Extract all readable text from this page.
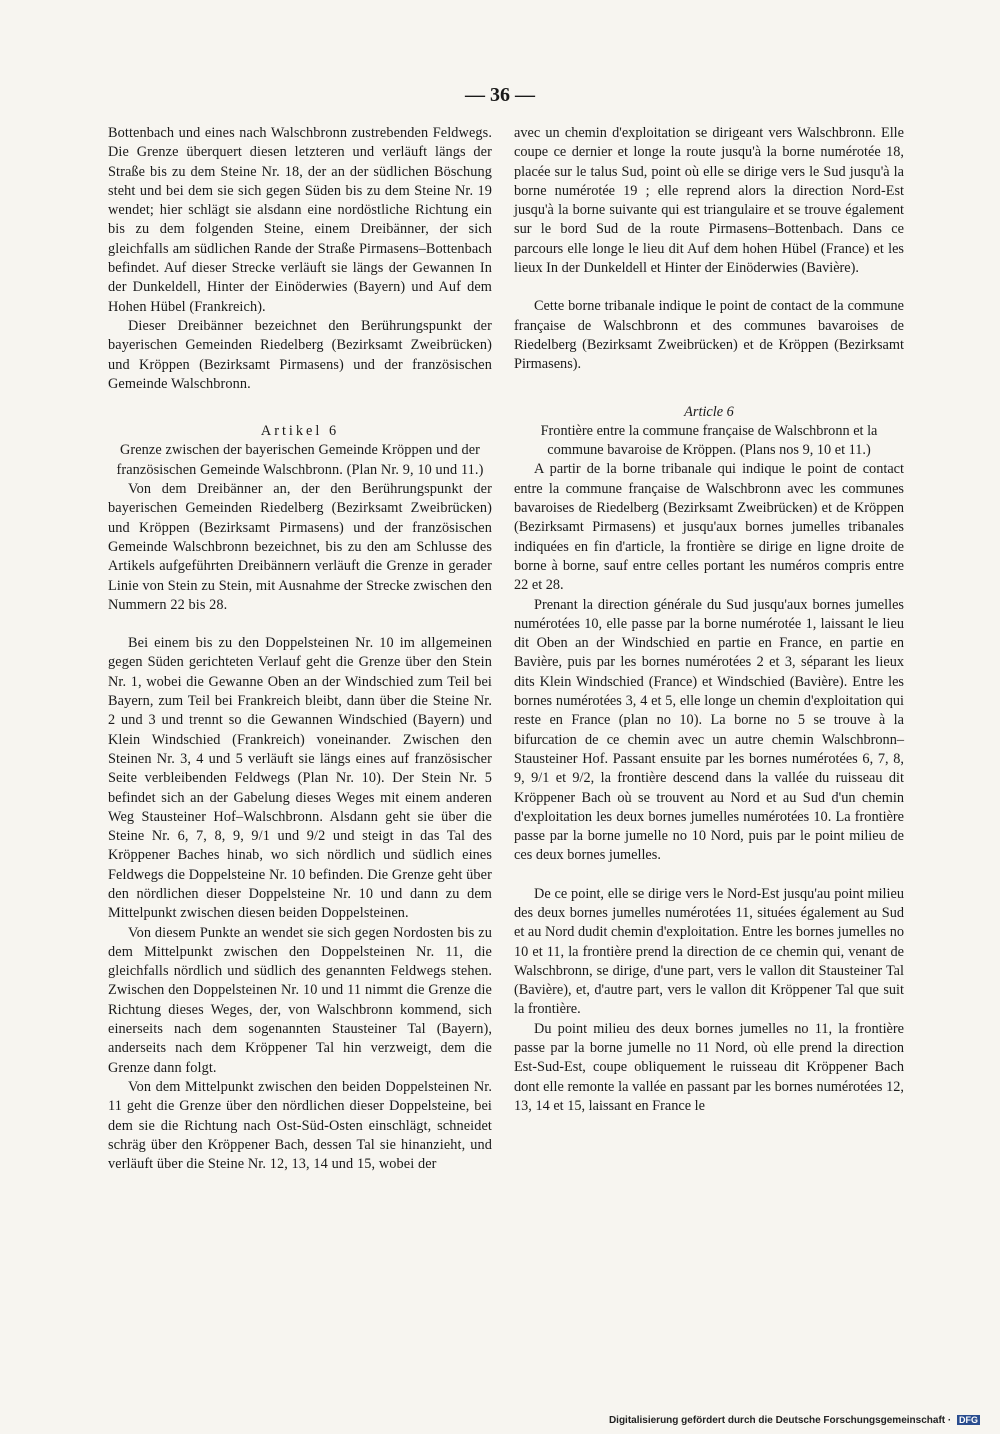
— 36 —

Bottenbach und eines nach Walschbronn zustrebenden Feldwegs. Die Grenze überquert diesen letzteren und verläuft längs der Straße bis zu dem Steine Nr. 18, der an der südlichen Böschung steht und bei dem sie sich gegen Süden bis zu dem Steine Nr. 19 wendet; hier schlägt sie alsdann eine nordöstliche Richtung ein bis zu dem folgenden Steine, einem Dreibänner, der sich gleichfalls am südlichen Rande der Straße Pirmasens–Bottenbach befindet. Auf dieser Strecke verläuft sie längs der Gewannen In der Dunkeldell, Hinter der Einöderwies (Bayern) und Auf dem Hohen Hübel (Frankreich).

Dieser Dreibänner bezeichnet den Berührungspunkt der bayerischen Gemeinden Riedelberg (Bezirksamt Zweibrücken) und Kröppen (Bezirksamt Pirmasens) und der französischen Gemeinde Walschbronn.

Artikel 6

Grenze zwischen der bayerischen Gemeinde Kröppen und der französischen Gemeinde Walschbronn. (Plan Nr. 9, 10 und 11.)

Von dem Dreibänner an, der den Berührungspunkt der bayerischen Gemeinden Riedelberg (Bezirksamt Zweibrücken) und Kröppen (Bezirksamt Pirmasens) und der französischen Gemeinde Walschbronn bezeichnet, bis zu den am Schlusse des Artikels aufgeführten Dreibännern verläuft die Grenze in gerader Linie von Stein zu Stein, mit Ausnahme der Strecke zwischen den Nummern 22 bis 28.

Bei einem bis zu den Doppelsteinen Nr. 10 im allgemeinen gegen Süden gerichteten Verlauf geht die Grenze über den Stein Nr. 1, wobei die Gewanne Oben an der Windschied zum Teil bei Bayern, zum Teil bei Frankreich bleibt, dann über die Steine Nr. 2 und 3 und trennt so die Gewannen Windschied (Bayern) und Klein Windschied (Frankreich) voneinander. Zwischen den Steinen Nr. 3, 4 und 5 verläuft sie längs eines auf französischer Seite verbleibenden Feldwegs (Plan Nr. 10). Der Stein Nr. 5 befindet sich an der Gabelung dieses Weges mit einem anderen Weg Stausteiner Hof–Walschbronn. Alsdann geht sie über die Steine Nr. 6, 7, 8, 9, 9/1 und 9/2 und steigt in das Tal des Kröppener Baches hinab, wo sich nördlich und südlich eines Feldwegs die Doppelsteine Nr. 10 befinden. Die Grenze geht über den nördlichen dieser Doppelsteine Nr. 10 und dann zu dem Mittelpunkt zwischen diesen beiden Doppelsteinen.

Von diesem Punkte an wendet sie sich gegen Nordosten bis zu dem Mittelpunkt zwischen den Doppelsteinen Nr. 11, die gleichfalls nördlich und südlich des genannten Feldwegs stehen. Zwischen den Doppelsteinen Nr. 10 und 11 nimmt die Grenze die Richtung dieses Weges, der, von Walschbronn kommend, sich einerseits nach dem sogenannten Stausteiner Tal (Bayern), anderseits nach dem Kröppener Tal hin verzweigt, dem die Grenze dann folgt.

Von dem Mittelpunkt zwischen den beiden Doppelsteinen Nr. 11 geht die Grenze über den nördlichen dieser Doppelsteine, bei dem sie die Richtung nach Ost-Süd-Osten einschlägt, schneidet schräg über den Kröppener Bach, dessen Tal sie hinanzieht, und verläuft über die Steine Nr. 12, 13, 14 und 15, wobei der

avec un chemin d'exploitation se dirigeant vers Walschbronn. Elle coupe ce dernier et longe la route jusqu'à la borne numérotée 18, placée sur le talus Sud, point où elle se dirige vers le Sud jusqu'à la borne numérotée 19 ; elle reprend alors la direction Nord-Est jusqu'à la borne suivante qui est triangulaire et se trouve également sur le bord Sud de la route Pirmasens–Bottenbach. Dans ce parcours elle longe le lieu dit Auf dem hohen Hübel (France) et les lieux In der Dunkeldell et Hinter der Einöderwies (Bavière).

Cette borne tribanale indique le point de contact de la commune française de Walschbronn et des communes bavaroises de Riedelberg (Bezirksamt Zweibrücken) et de Kröppen (Bezirksamt Pirmasens).

Article 6

Frontière entre la commune française de Walschbronn et la commune bavaroise de Kröppen. (Plans nos 9, 10 et 11.)

A partir de la borne tribanale qui indique le point de contact entre la commune française de Walschbronn avec les communes bavaroises de Riedelberg (Bezirksamt Zweibrücken) et de Kröppen (Bezirksamt Pirmasens) et jusqu'aux bornes jumelles tribanales indiquées en fin d'article, la frontière se dirige en ligne droite de borne à borne, sauf entre celles portant les numéros compris entre 22 et 28.

Prenant la direction générale du Sud jusqu'aux bornes jumelles numérotées 10, elle passe par la borne numérotée 1, laissant le lieu dit Oben an der Windschied en partie en France, en partie en Bavière, puis par les bornes numérotées 2 et 3, séparant les lieux dits Klein Windschied (France) et Windschied (Bavière). Entre les bornes numérotées 3, 4 et 5, elle longe un chemin d'exploitation qui reste en France (plan no 10). La borne no 5 se trouve à la bifurcation de ce chemin avec un autre chemin Walschbronn–Stausteiner Hof. Passant ensuite par les bornes numérotées 6, 7, 8, 9, 9/1 et 9/2, la frontière descend dans la vallée du ruisseau dit Kröppener Bach où se trouvent au Nord et au Sud d'un chemin d'exploitation les deux bornes jumelles numérotées 10. La frontière passe par la borne jumelle no 10 Nord, puis par le point milieu de ces deux bornes jumelles.

De ce point, elle se dirige vers le Nord-Est jusqu'au point milieu des deux bornes jumelles numérotées 11, situées également au Sud et au Nord dudit chemin d'exploitation. Entre les bornes jumelles no 10 et 11, la frontière prend la direction de ce chemin qui, venant de Walschbronn, se dirige, d'une part, vers le vallon dit Stausteiner Tal (Bavière), et, d'autre part, vers le vallon dit Kröppener Tal que suit la frontière.

Du point milieu des deux bornes jumelles no 11, la frontière passe par la borne jumelle no 11 Nord, où elle prend la direction Est-Sud-Est, coupe obliquement le ruisseau dit Kröppener Bach dont elle remonte la vallée en passant par les bornes numérotées 12, 13, 14 et 15, laissant en France le

Digitalisierung gefördert durch die Deutsche Forschungsgemeinschaft · DFG
